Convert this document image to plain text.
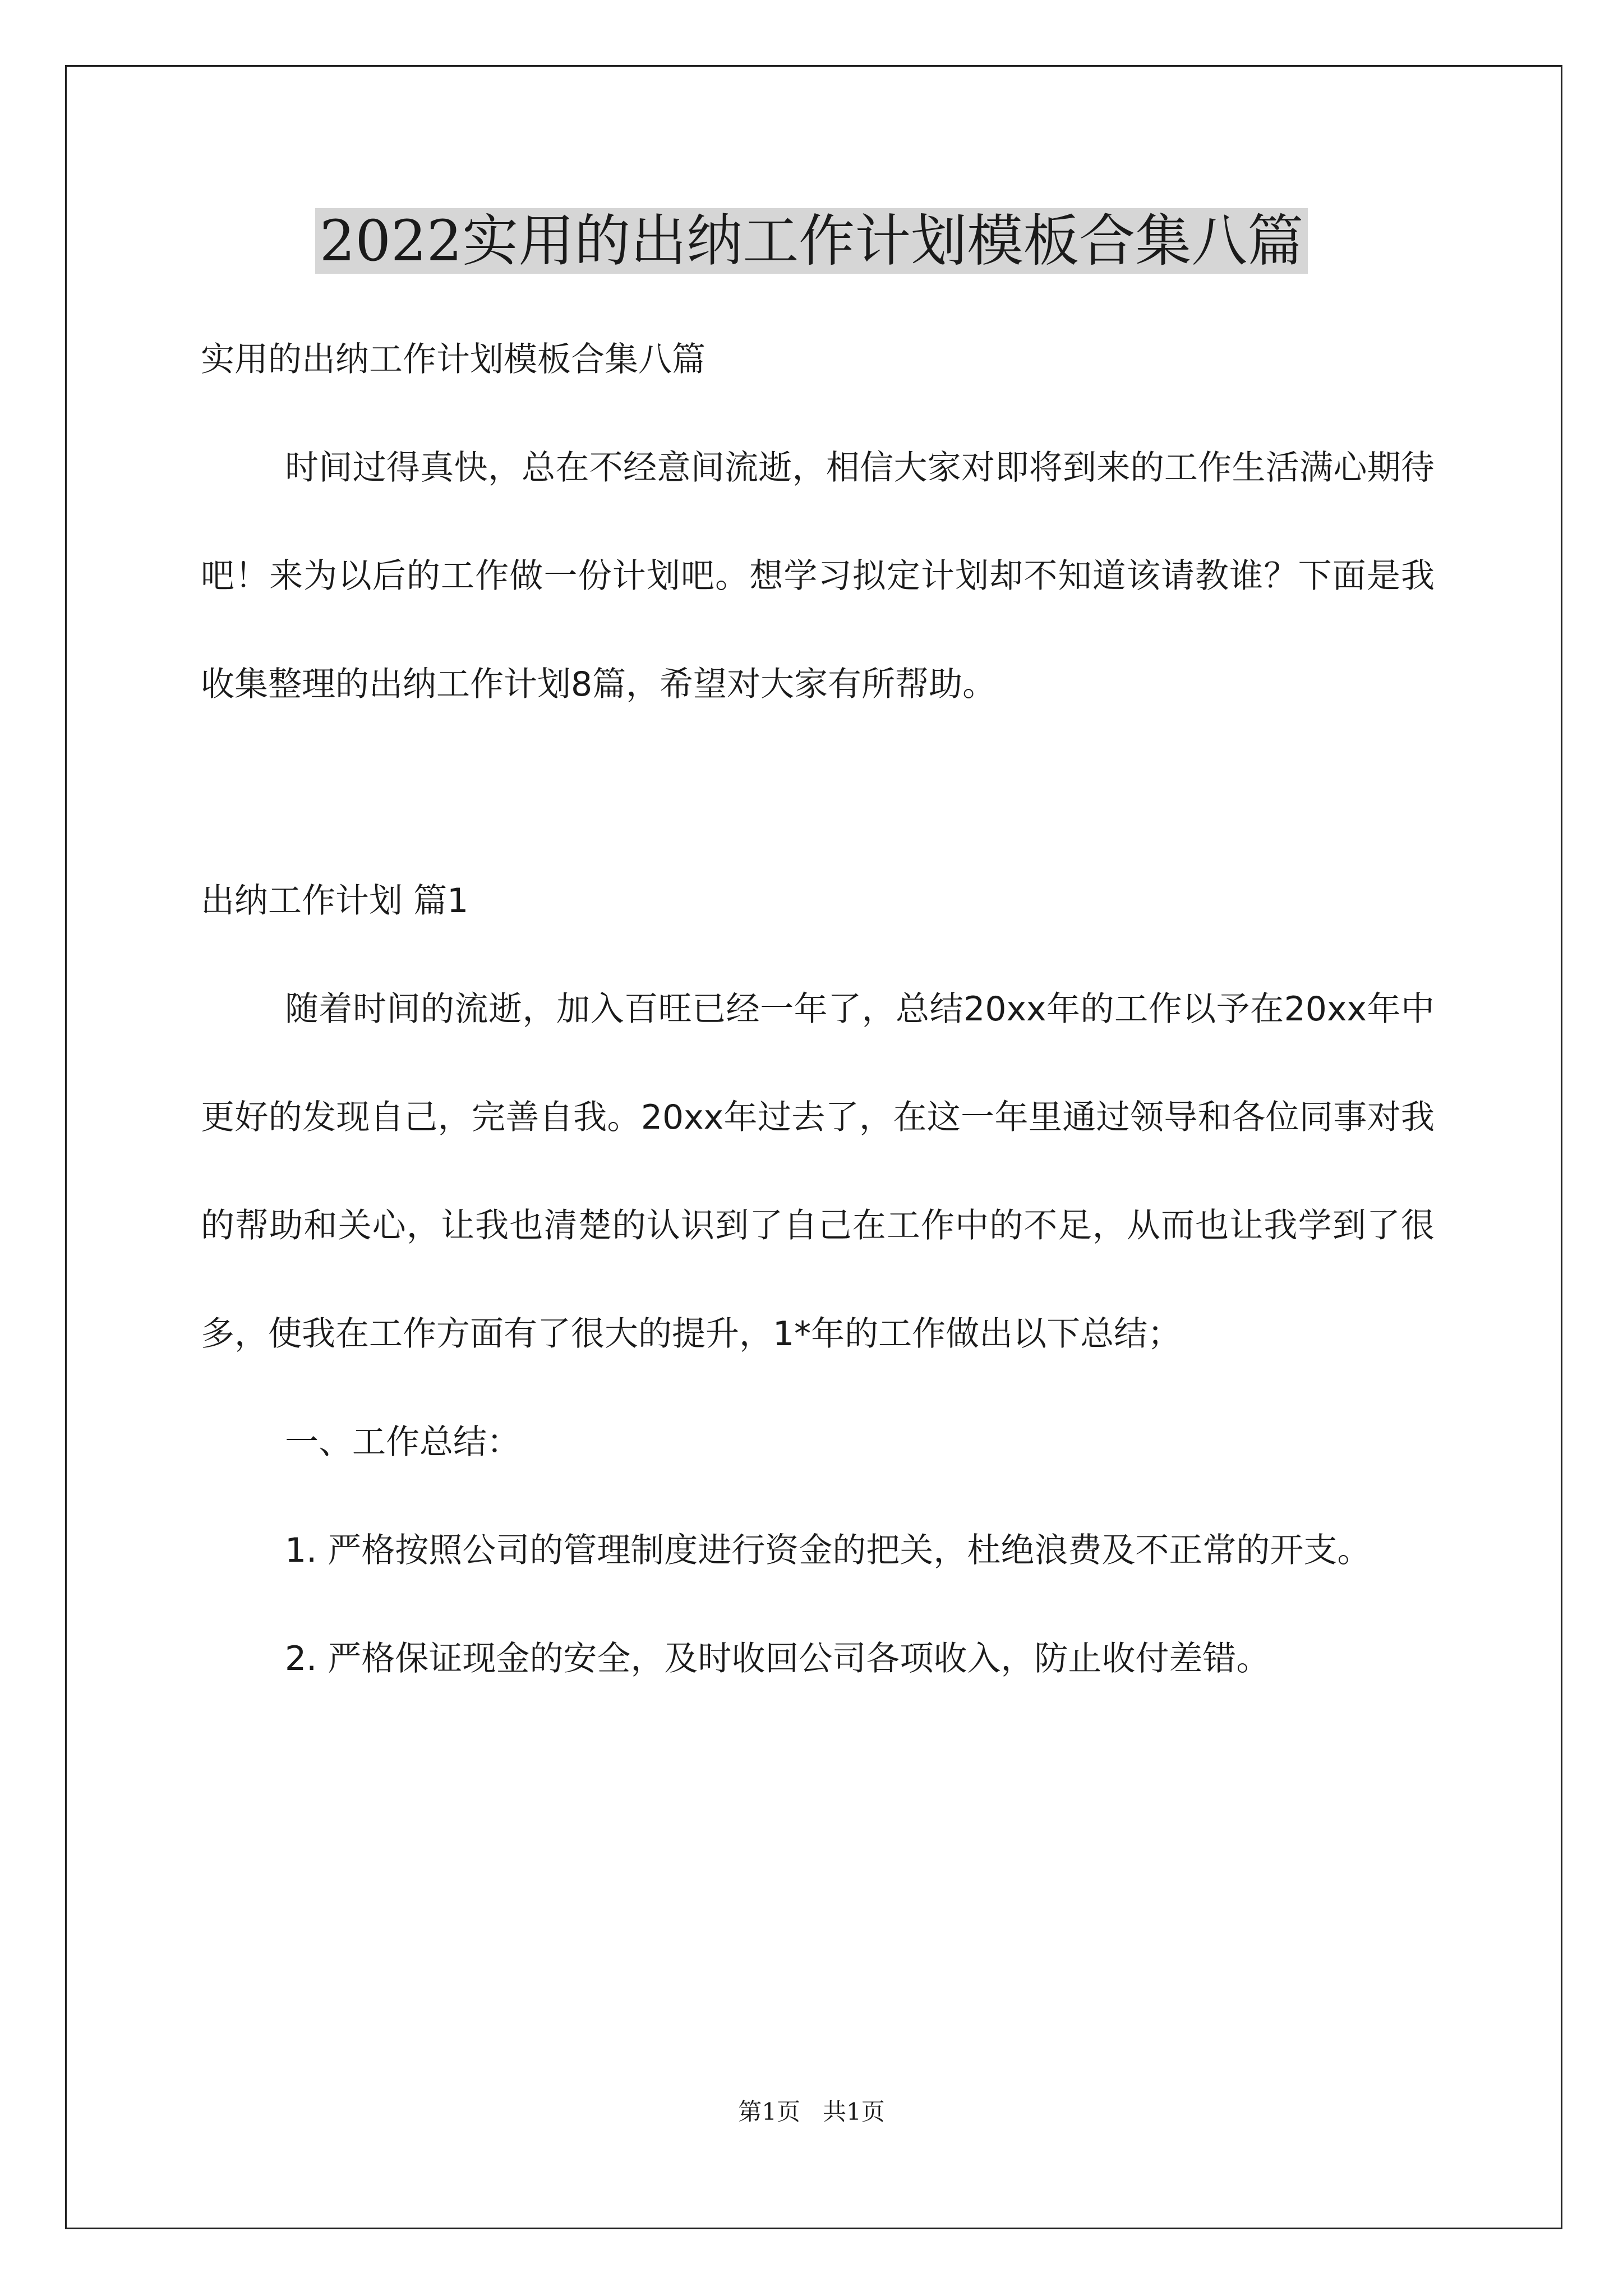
2022实用的出纳工作计划模板合集八篇

实用的出纳工作计划模板合集八篇

时间过得真快，总在不经意间流逝，相信大家对即将到来的工作生活满心期待吧！来为以后的工作做一份计划吧。想学习拟定计划却不知道该请教谁？下面是我收集整理的出纳工作计划8篇，希望对大家有所帮助。

出纳工作计划 篇1

随着时间的流逝，加入百旺已经一年了，总结20xx年的工作以予在20xx年中更好的发现自己，完善自我。20xx年过去了，在这一年里通过领导和各位同事对我的帮助和关心，让我也清楚的认识到了自己在工作中的不足，从而也让我学到了很多，使我在工作方面有了很大的提升，1*年的工作做出以下总结；

一、工作总结：

1. 严格按照公司的管理制度进行资金的把关，杜绝浪费及不正常的开支。

2. 严格保证现金的安全，及时收回公司各项收入，防止收付差错。

第1页   共1页
